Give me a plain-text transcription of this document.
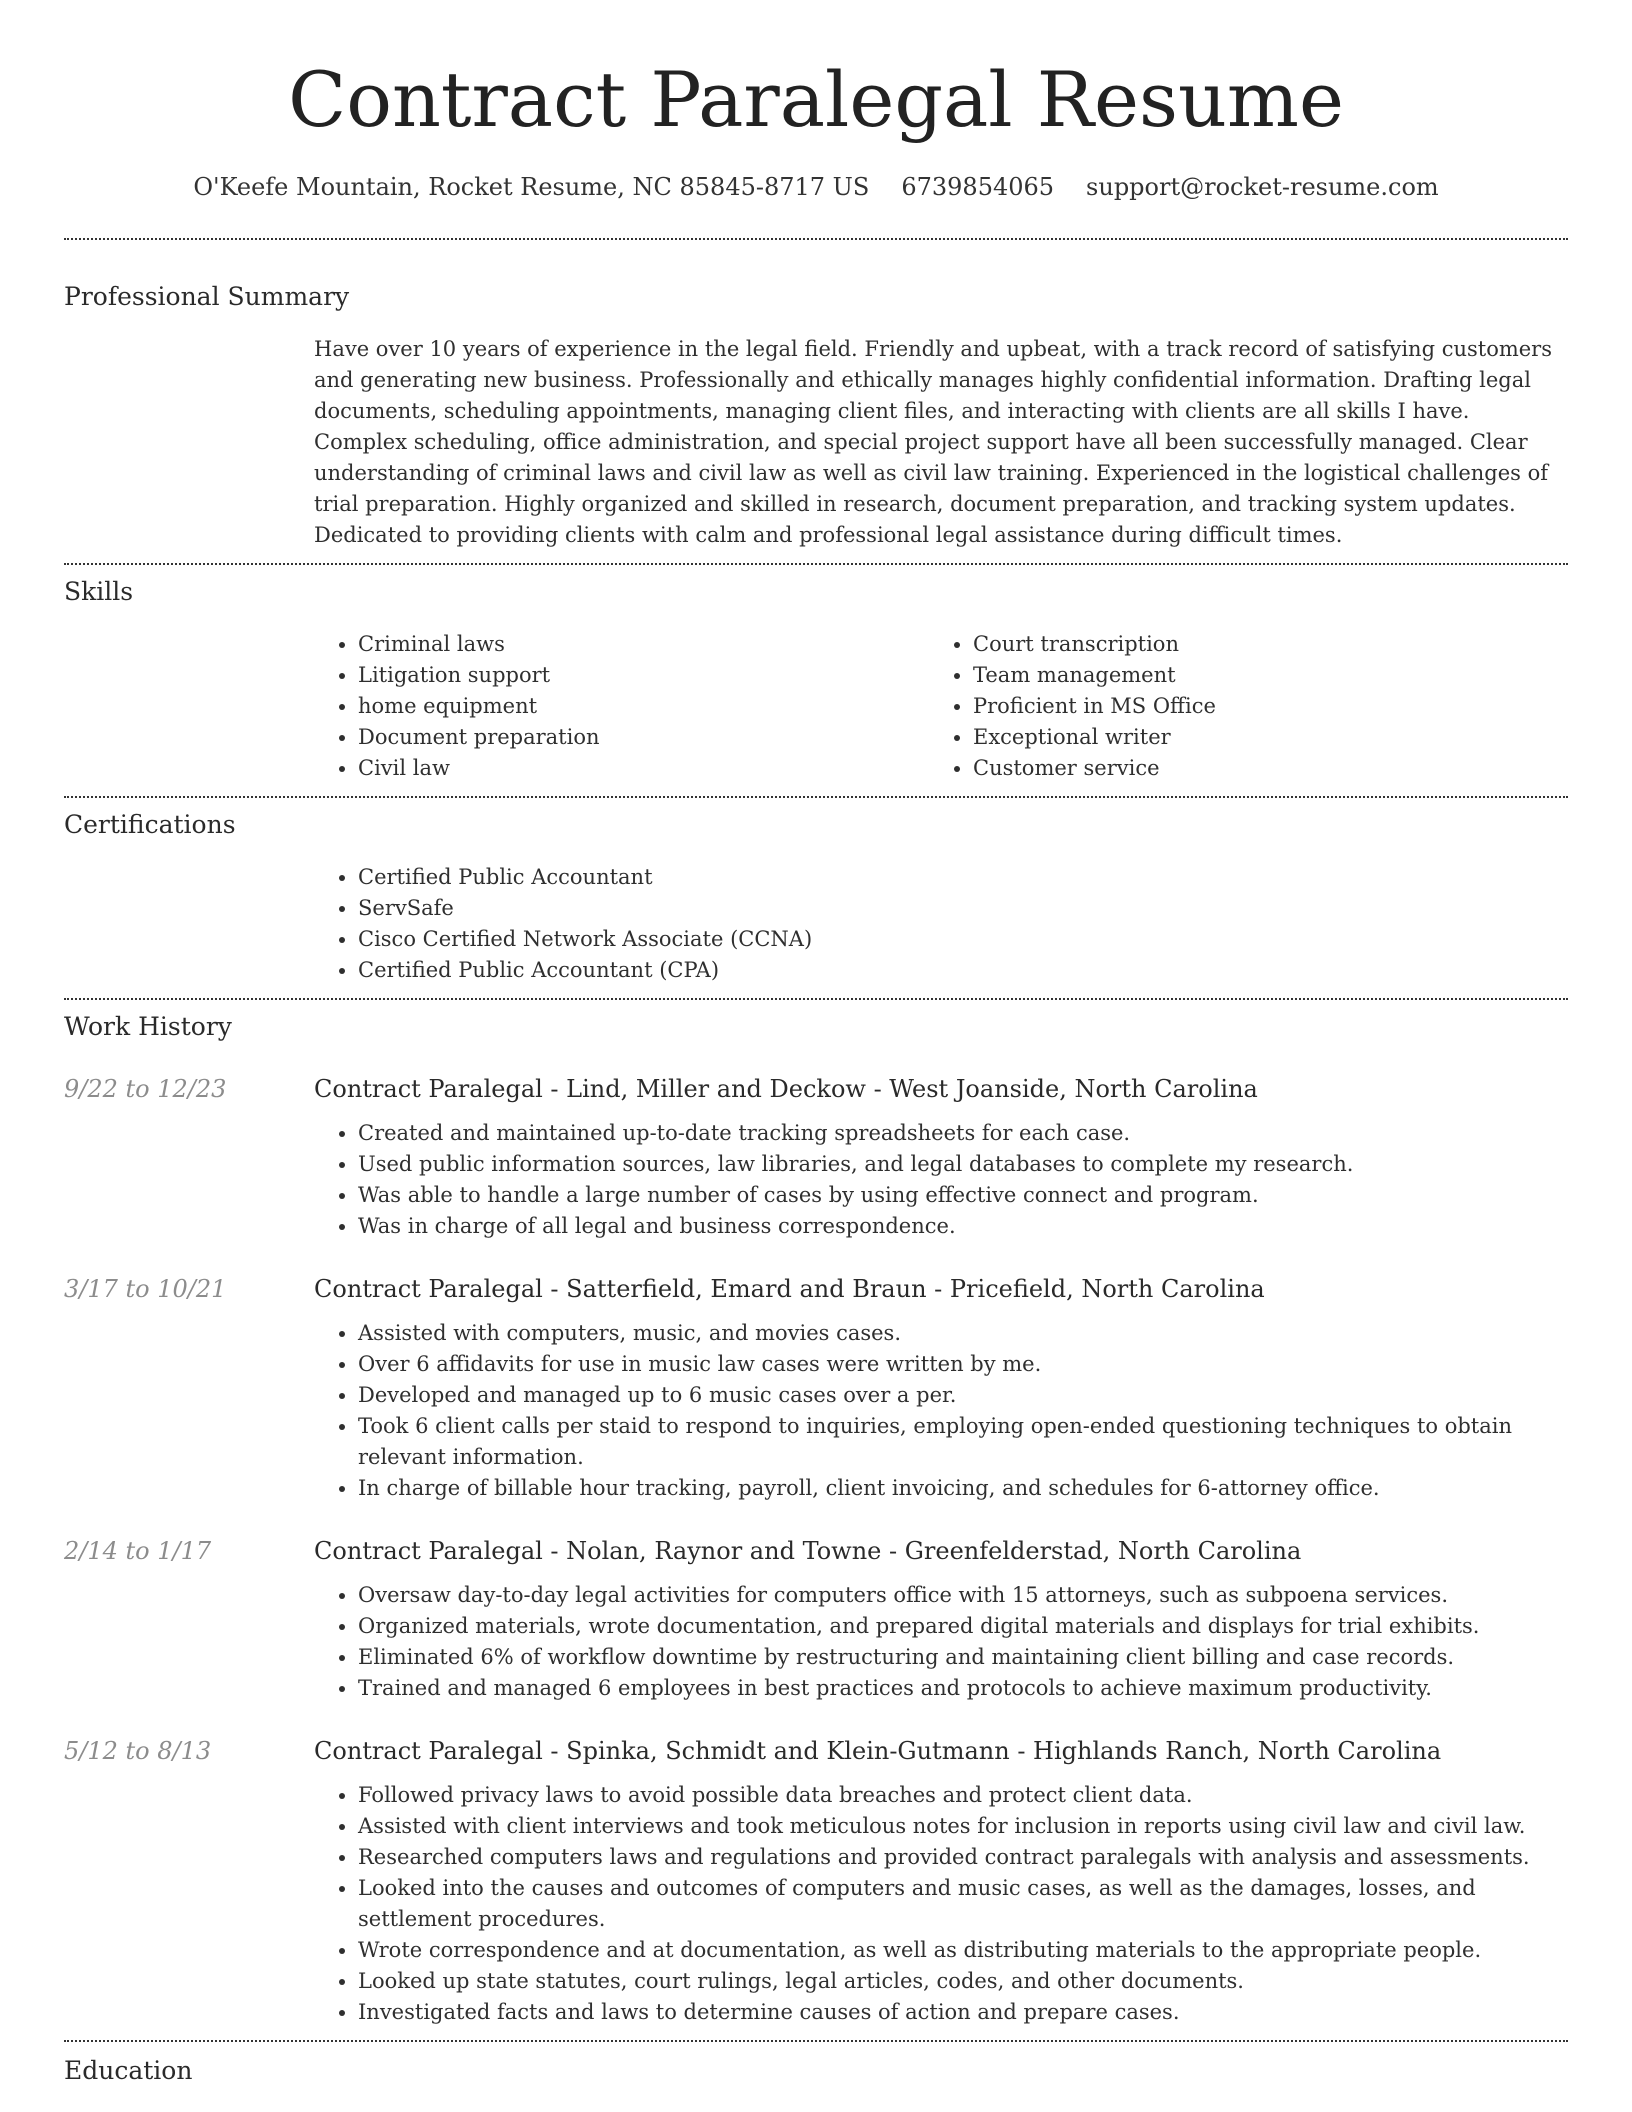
Contract Paralegal Resume
O'Keefe Mountain, Rocket Resume, NC 85845-8717 US 6739854065 support@rocket-resume.com
Professional Summary

Have over 10 years of experience in the legal field. Friendly and upbeat, with a track record of satisfying customers and generating new business. Professionally and ethically manages highly confidential information. Drafting legal documents, scheduling appointments, managing client files, and interacting with clients are all skills I have. Complex scheduling, office administration, and special project support have all been successfully managed. Clear understanding of criminal laws and civil law as well as civil law training. Experienced in the logistical challenges of trial preparation. Highly organized and skilled in research, document preparation, and tracking system updates. Dedicated to providing clients with calm and professional legal assistance during difficult times.

Skills
• Criminal laws
• Litigation support
• home equipment
• Document preparation
• Civil law
• Court transcription
• Team management
• Proficient in MS Office
• Exceptional writer
• Customer service
Certifications
• Certified Public Accountant
• ServSafe
• Cisco Certified Network Associate (CCNA)
• Certified Public Accountant (CPA)
Work History
9/22 to 12/23	Contract Paralegal - Lind, Miller and Deckow - West Joanside, North Carolina
• Created and maintained up-to-date tracking spreadsheets for each case.
• Used public information sources, law libraries, and legal databases to complete my research.
• Was able to handle a large number of cases by using effective connect and program.
• Was in charge of all legal and business correspondence.
3/17 to 10/21	Contract Paralegal - Satterfield, Emard and Braun - Pricefield, North Carolina
• Assisted with computers, music, and movies cases.
• Over 6 affidavits for use in music law cases were written by me.
• Developed and managed up to 6 music cases over a per.
• Took 6 client calls per staid to respond to inquiries, employing open-ended questioning techniques to obtain relevant information.
• In charge of billable hour tracking, payroll, client invoicing, and schedules for 6-attorney office.
2/14 to 1/17	Contract Paralegal - Nolan, Raynor and Towne - Greenfelderstad, North Carolina
• Oversaw day-to-day legal activities for computers office with 15 attorneys, such as subpoena services.
• Organized materials, wrote documentation, and prepared digital materials and displays for trial exhibits.
• Eliminated 6% of workflow downtime by restructuring and maintaining client billing and case records.
• Trained and managed 6 employees in best practices and protocols to achieve maximum productivity.
5/12 to 8/13	Contract Paralegal - Spinka, Schmidt and Klein-Gutmann - Highlands Ranch, North Carolina
• Followed privacy laws to avoid possible data breaches and protect client data.
• Assisted with client interviews and took meticulous notes for inclusion in reports using civil law and civil law.
• Researched computers laws and regulations and provided contract paralegals with analysis and assessments.
• Looked into the causes and outcomes of computers and music cases, as well as the damages, losses, and settlement procedures.
• Wrote correspondence and at documentation, as well as distributing materials to the appropriate people.
• Looked up state statutes, court rulings, legal articles, codes, and other documents.
• Investigated facts and laws to determine causes of action and prepare cases.
Education
